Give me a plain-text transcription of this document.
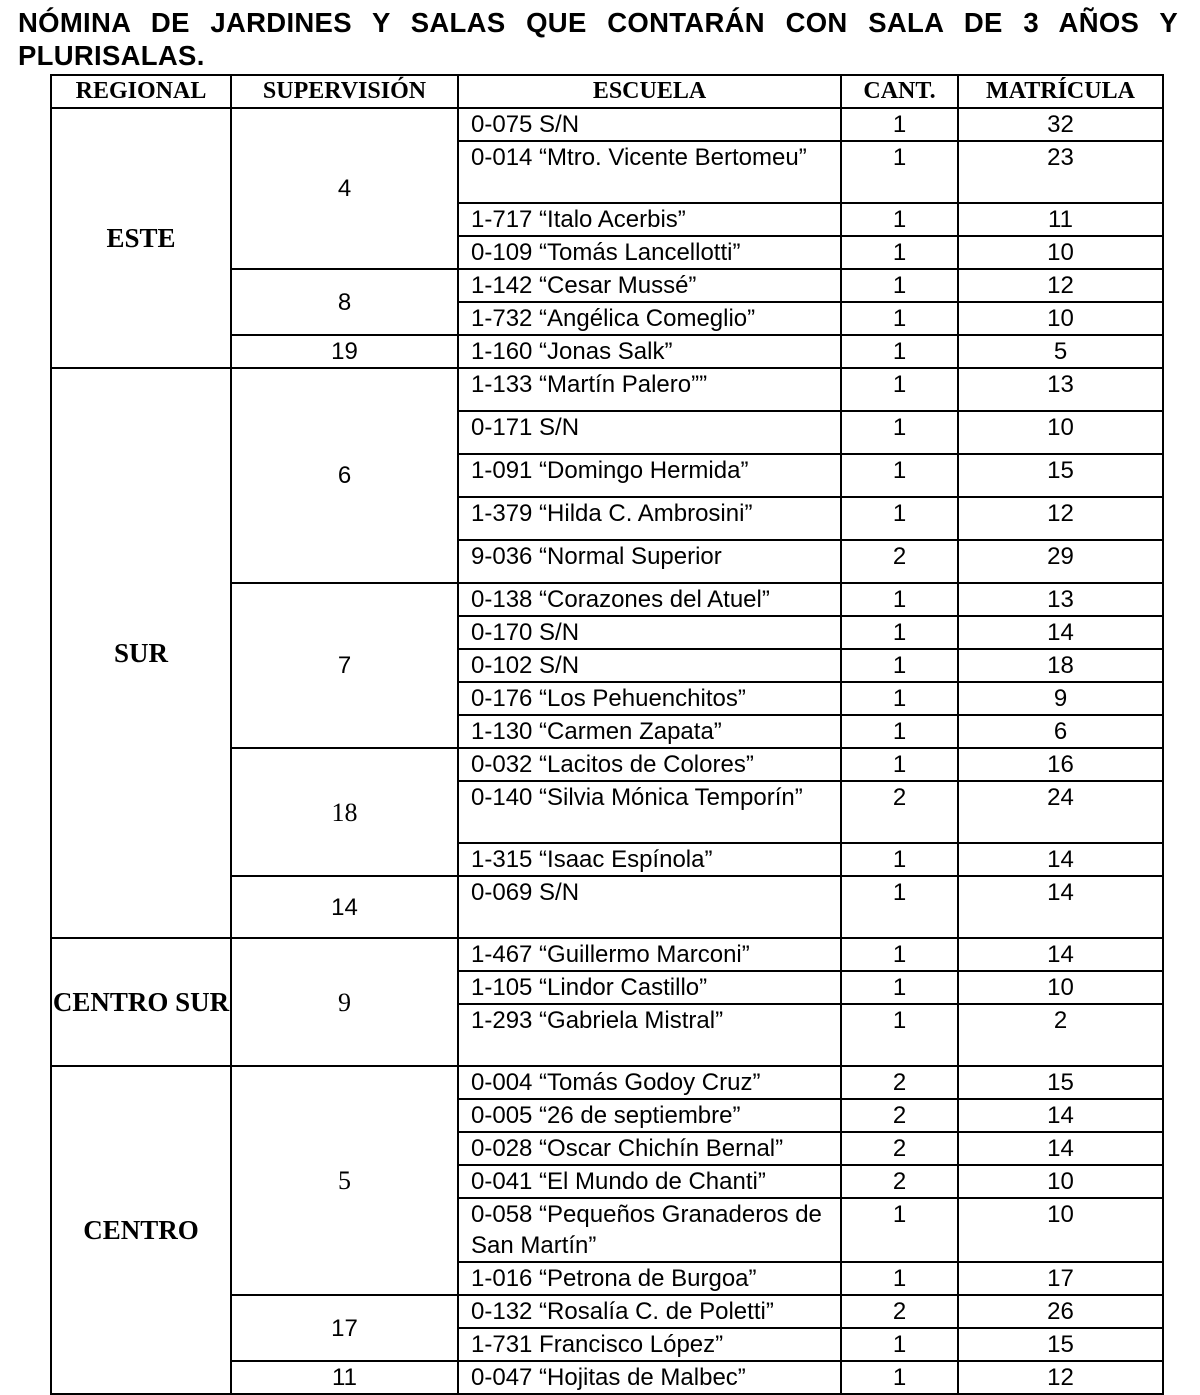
NÓMINA DE JARDINES Y SALAS QUE CONTARÁN CON SALA DE 3 AÑOS Y
PLURISALAS.
REGIONAL	SUPERVISIÓN	ESCUELA	CANT.	MATRÍCULA
ESTE	4	0-075 S/N	1	32
		0-014 “Mtro. Vicente Bertomeu”	1	23
		1-717 “Italo Acerbis”	1	11
		0-109 “Tomás Lancellotti”	1	10
	8	1-142 “Cesar Mussé”	1	12
		1-732 “Angélica Comeglio”	1	10
	19	1-160 “Jonas Salk”	1	5
SUR	6	1-133 “Martín Palero””	1	13
		0-171 S/N	1	10
		1-091 “Domingo Hermida”	1	15
		1-379 “Hilda C. Ambrosini”	1	12
		9-036 “Normal Superior	2	29
	7	0-138 “Corazones del Atuel”	1	13
		0-170 S/N	1	14
		0-102 S/N	1	18
		0-176 “Los Pehuenchitos”	1	9
		1-130 “Carmen Zapata”	1	6
	18	0-032 “Lacitos de Colores”	1	16
		0-140 “Silvia Mónica Temporín”	2	24
		1-315 “Isaac Espínola”	1	14
	14	0-069 S/N	1	14
CENTRO SUR	9	1-467 “Guillermo Marconi”	1	14
		1-105 “Lindor Castillo”	1	10
		1-293 “Gabriela Mistral”	1	2
CENTRO	5	0-004 “Tomás Godoy Cruz”	2	15
		0-005 “26 de septiembre”	2	14
		0-028 “Oscar Chichín Bernal”	2	14
		0-041 “El Mundo de Chanti”	2	10
		0-058 “Pequeños Granaderos de San Martín”	1	10
		1-016 “Petrona de Burgoa”	1	17
	17	0-132 “Rosalía C. de Poletti”	2	26
		1-731 Francisco López”	1	15
	11	0-047 “Hojitas de Malbec”	1	12
